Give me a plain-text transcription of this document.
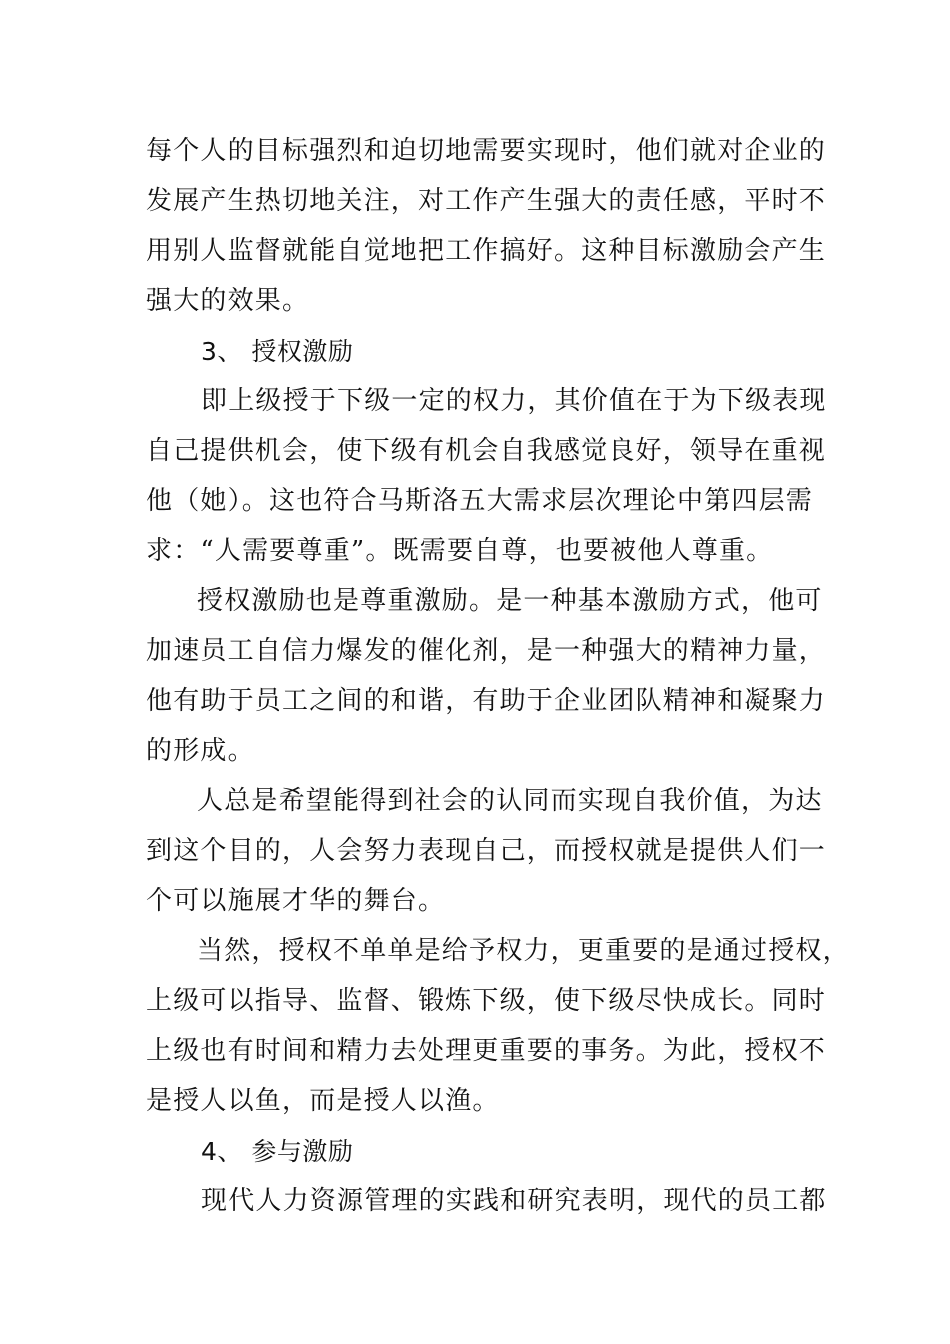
每个人的目标强烈和迫切地需要实现时，他们就对企业的
发展产生热切地关注，对工作产生强大的责任感，平时不
用别人监督就能自觉地把工作搞好。这种目标激励会产生
强大的效果。
3、 授权激励
即上级授于下级一定的权力，其价值在于为下级表现
自己提供机会，使下级有机会自我感觉良好，领导在重视
他（她）。这也符合马斯洛五大需求层次理论中第四层需
求：“人需要尊重”。既需要自尊，也要被他人尊重。
授权激励也是尊重激励。是一种基本激励方式，他可
加速员工自信力爆发的催化剂，是一种强大的精神力量，
他有助于员工之间的和谐，有助于企业团队精神和凝聚力
的形成。
人总是希望能得到社会的认同而实现自我价值，为达
到这个目的，人会努力表现自己，而授权就是提供人们一
个可以施展才华的舞台。
当然，授权不单单是给予权力，更重要的是通过授权，
上级可以指导、监督、锻炼下级，使下级尽快成长。同时
上级也有时间和精力去处理更重要的事务。为此，授权不
是授人以鱼，而是授人以渔。
4、 参与激励
现代人力资源管理的实践和研究表明，现代的员工都
